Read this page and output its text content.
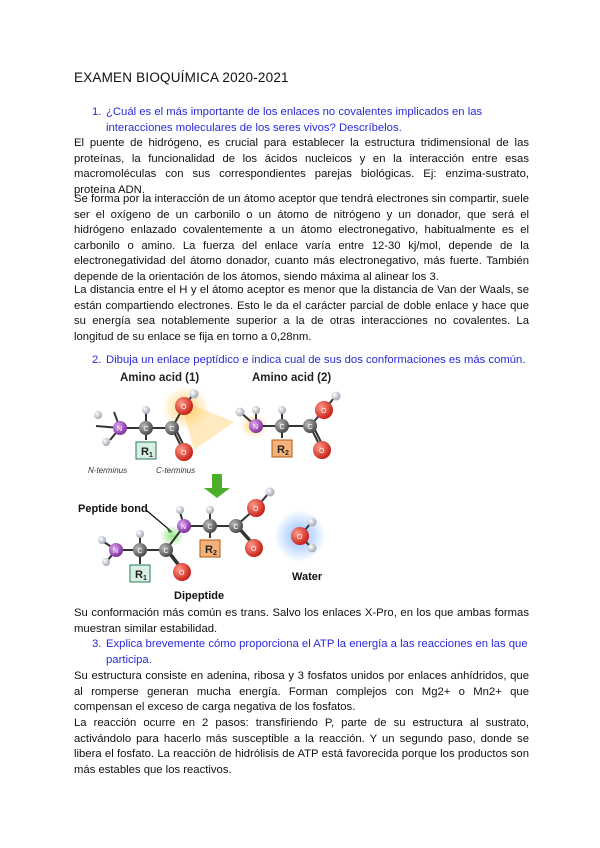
EXAMEN BIOQUÍMICA 2020-2021
1. ¿Cuál es el más importante de los enlaces no covalentes implicados en las interacciones moleculares de los seres vivos? Descríbelos.
El puente de hidrógeno, es crucial para establecer la estructura tridimensional de las proteínas, la funcionalidad de los ácidos nucleicos y en la interacción entre esas macromoléculas con sus correspondientes parejas biológicas. Ej: enzima-sustrato, proteína ADN.
Se forma por la interacción de un átomo aceptor que tendrá electrones sin compartir, suele ser el oxígeno de un carbonilo o un átomo de nitrógeno y un donador, que será el hidrógeno enlazado covalentemente a un átomo electronegativo, habitualmente es el carbonilo o amino. La fuerza del enlace varía entre 12-30 kj/mol, depende de la electronegatividad del átomo donador, cuanto más electronegativo, más fuerte. También depende de la orientación de los átomos, siendo máxima al alinear los 3.
La distancia entre el H y el átomo aceptor es menor que la distancia de Van der Waals, se están compartiendo electrones. Esto le da el carácter parcial de doble enlace y hace que su energía sea notablemente superior a la de otras interacciones no covalentes. La longitud de su enlace se fija en torno a 0,28nm.
2. Dibuja un enlace peptídico e indica cual de sus dos conformaciones es más común.
Amino acid (1)	Amino acid (2)
N	C	C
O
O
R1
N	C	C
O
O
R2
N-terminus	C-terminus
Peptide bond
N	C	C
O
N	C	C
O
O
R1
R2
Dipeptide
O
Water
Su conformación más común es trans. Salvo los enlaces X-Pro, en los que ambas formas muestran similar estabilidad.
3. Explica brevemente cómo proporciona el ATP la energía a las reacciones en las que participa.
Su estructura consiste en adenina, ribosa y 3 fosfatos unidos por enlaces anhídridos, que al romperse generan mucha energía. Forman complejos con Mg2+ o Mn2+ que compensan el exceso de carga negativa de los fosfatos.
La reacción ocurre en 2 pasos: transfiriendo P, parte de su estructura al sustrato, activándolo para hacerlo más susceptible a la reacción. Y un segundo paso, donde se libera el fosfato. La reacción de hidrólisis de ATP está favorecida porque los productos son más estables que los reactivos.
